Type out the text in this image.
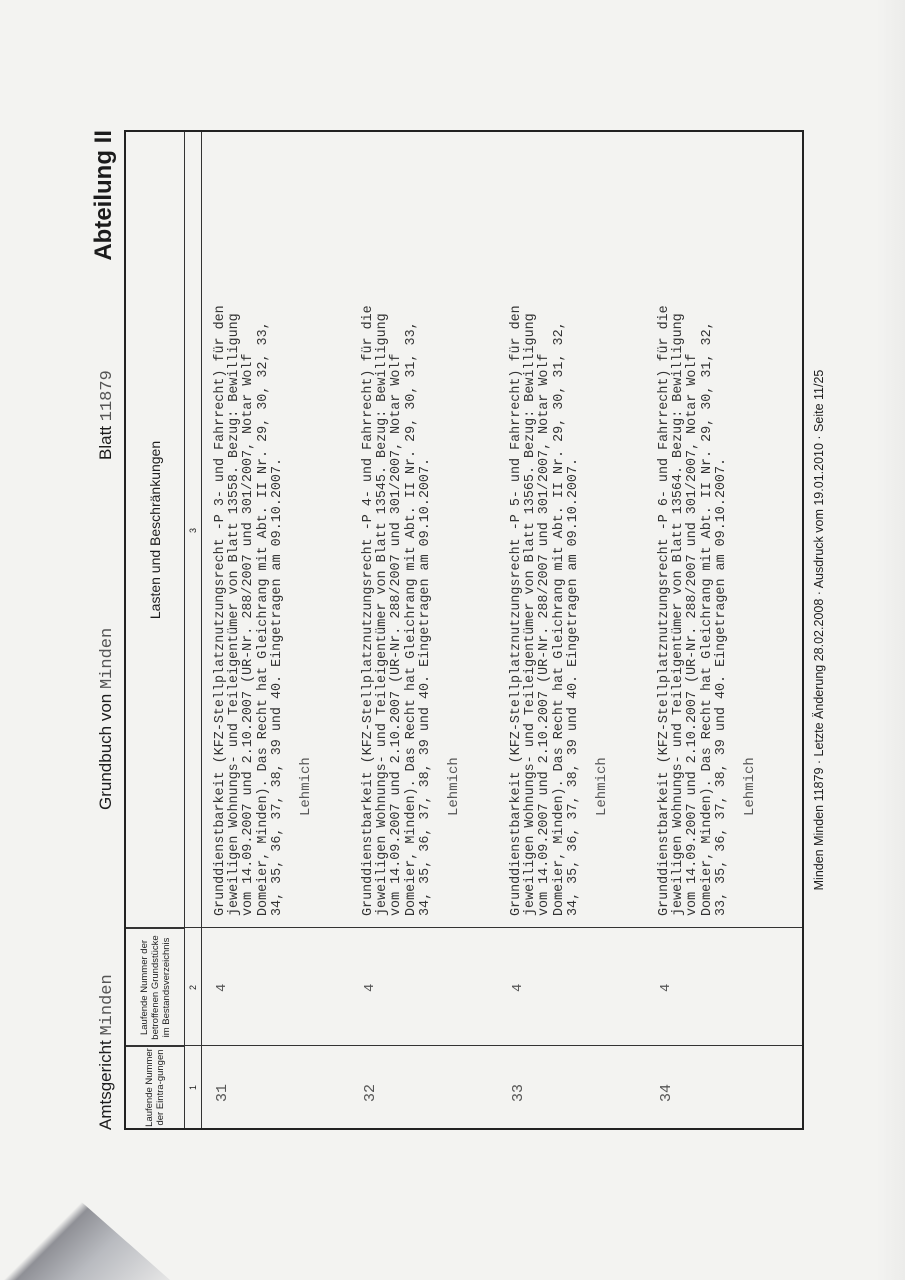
Amtsgericht Minden
Grundbuch von Minden
Blatt 11879
Abteilung II
Laufende Nummer der Eintra-gungen
Laufende Nummer der betroffenen Grundstücke im Bestandsverzeichnis
Lasten und Beschränkungen
1
2
3
31
4
Grunddienstbarkeit (KFZ-Stellplatznutzungsrecht -P 3- und Fahrrecht) für den
jeweiligen Wohnungs- und Teileigentümer von Blatt 13558. Bezug: Bewilligung
vom 14.09.2007 und 2.10.2007 (UR-Nr. 288/2007 und 301/2007, Notar Wolf
Domeier, Minden). Das Recht hat Gleichrang mit Abt. II Nr. 29, 30, 32, 33,
34, 35, 36, 37, 38, 39 und 40. Eingetragen am 09.10.2007.
Lehmich
32
4
Grunddienstbarkeit (KFZ-Stellplatznutzungsrecht -P 4- und Fahrrecht) für die
jeweiligen Wohnungs- und Teileigentümer von Blatt 13545. Bezug: Bewilligung
vom 14.09.2007 und 2.10.2007 (UR-Nr. 288/2007 und 301/2007, Notar Wolf
Domeier, Minden). Das Recht hat Gleichrang mit Abt. II Nr. 29, 30, 31, 33,
34, 35, 36, 37, 38, 39 und 40. Eingetragen am 09.10.2007.
Lehmich
33
4
Grunddienstbarkeit (KFZ-Stellplatznutzungsrecht -P 5- und Fahrrecht) für den
jeweiligen Wohnungs- und Teileigentümer von Blatt 13565. Bezug: Bewilligung
vom 14.09.2007 und 2.10.2007 (UR-Nr. 288/2007 und 301/2007, Notar Wolf
Domeier, Minden). Das Recht hat Gleichrang mit Abt. II Nr. 29, 30, 31, 32,
34, 35, 36, 37, 38, 39 und 40. Eingetragen am 09.10.2007.
Lehmich
34
4
Grunddienstbarkeit (KFZ-Stellplatznutzungsrecht -P 6- und Fahrrecht) für die
jeweiligen Wohnungs- und Teileigentümer von Blatt 13564. Bezug: Bewilligung
vom 14.09.2007 und 2.10.2007 (UR-Nr. 288/2007 und 301/2007, Notar Wolf
Domeier, Minden). Das Recht hat Gleichrang mit Abt. II Nr. 29, 30, 31, 32,
33, 35, 36, 37, 38, 39 und 40. Eingetragen am 09.10.2007.
Lehmich	Minden Minden 11879 · Letzte Änderung 28.02.2008 · Ausdruck vom 19.01.2010 · Seite 11/25
